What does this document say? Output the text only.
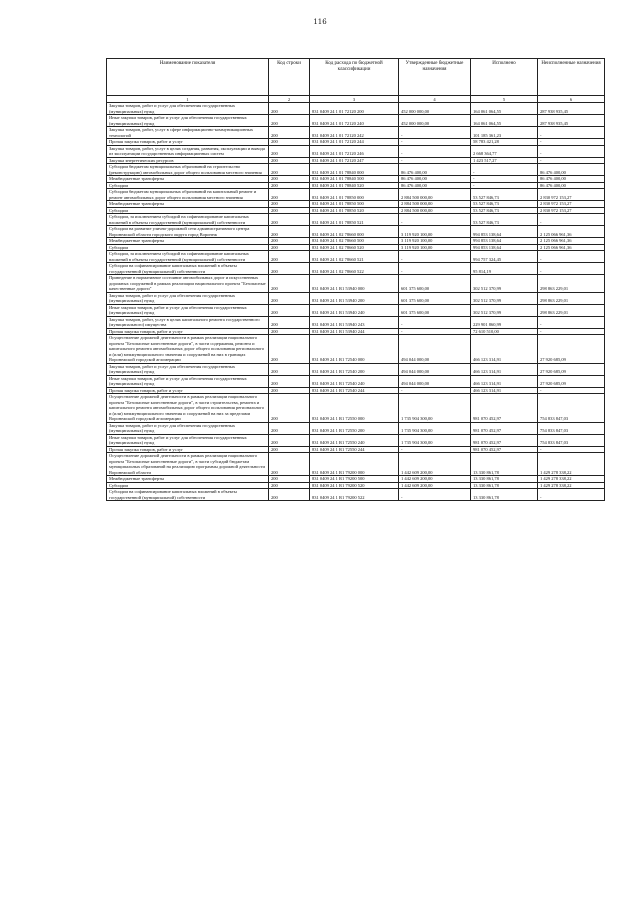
116
Наименование показателя	Код строки	Код расхода по бюджетной классификации	Утвержденные бюджетные назначения	Исполнено	Неисполненные назначения
1	2	3	4	5	6
Закупка товаров, работ и услуг для обеспечения государственных (муниципальных) нужд	200	831 0409 24 1 01 72120 200	452 000 000,00	164 061 064,55	287 938 935,45
Иные закупки товаров, работ и услуг для обеспечения государственных (муниципальных) нужд	200	831 0409 24 1 01 72120 240	452 000 000,00	164 061 064,55	287 938 935,45
Закупка товаров, работ, услуг в сфере информационно-коммуникационных технологий	200	831 0409 24 1 01 72120 242	-	101 185 361,23	-
Прочая закупка товаров, работ и услуг	200	831 0409 24 1 01 72120 244	-	58 783 421,28	-
Закупка товаров, работ, услуг в целях создания, развития, эксплуатации и вывода из эксплуатации государственных информационных систем	200	831 0409 24 1 01 72120 246	-	2 668 364,77	-
Закупка энергетических ресурсов	200	831 0409 24 1 01 72120 247	-	1 423 517,27	-
Субсидии бюджетам муниципальных образований на строительство (реконструкцию) автомобильных дорог общего пользования местного значения	200	831 0409 24 1 01 78840 000	86 476 400,00	-	86 476 400,00
Межбюджетные трансферты	200	831 0409 24 1 01 78840 500	86 476 400,00	-	86 476 400,00
Субсидии	200	831 0409 24 1 01 78840 520	86 476 400,00	-	86 476 400,00
Субсидии бюджетам муниципальных образований на капитальный ремонт и ремонт автомобильных дорог общего пользования местного значения	200	831 0409 24 1 01 78850 000	2 884 500 000,00	53 527 846,73	2 830 972 153,27
Межбюджетные трансферты	200	831 0409 24 1 01 78850 500	2 884 500 000,00	53 527 846,73	2 830 972 153,27
Субсидии	200	831 0409 24 1 01 78850 520	2 884 500 000,00	53 527 846,73	2 830 972 153,27
Субсидии, за исключением субсидий на софинансирование капитальных вложений в объекты государственной (муниципальной) собственности	200	831 0409 24 1 01 78850 521	-	53 527 846,73	-
Субсидии на развитие улично-дорожной сети административного центра Воронежской области городского округа город Воронеж	200	831 0409 24 1 02 78660 000	3 119 920 100,00	994 853 138,64	2 125 066 961,36
Межбюджетные трансферты	200	831 0409 24 1 02 78660 500	3 119 920 100,00	994 853 138,64	2 125 066 961,36
Субсидии	200	831 0409 24 1 02 78660 520	3 119 920 100,00	994 853 138,64	2 125 066 961,36
Субсидии, за исключением субсидий на софинансирование капитальных вложений в объекты государственной (муниципальной) собственности	200	831 0409 24 1 02 78660 521	-	994 757 324,45	-
Субсидии на софинансирование капитальных вложений в объекты государственной (муниципальной) собственности	200	831 0409 24 1 02 78660 522	-	95 814,19	-
Приведение в нормативное состояние автомобильных дорог и искусственных дорожных сооружений в рамках реализации национального проекта "Безопасные качественные дороги"	200	831 0409 24 1 R1 53940 000	601 375 600,00	302 512 370,99	298 863 229,01
Закупка товаров, работ и услуг для обеспечения государственных (муниципальных) нужд	200	831 0409 24 1 R1 53940 200	601 375 600,00	302 512 370,99	298 863 229,01
Иные закупки товаров, работ и услуг для обеспечения государственных (муниципальных) нужд	200	831 0409 24 1 R1 53940 240	601 375 600,00	302 512 370,99	298 863 229,01
Закупка товаров, работ, услуг в целях капитального ремонта государственного (муниципального) имущества	200	831 0409 24 1 R1 53940 243	-	229 901 860,99	-
Прочая закупка товаров, работ и услуг	200	831 0409 24 1 R1 53940 244	-	72 610 510,00	-
Осуществление дорожной деятельности в рамках реализации национального проекта "Безопасные качественные дороги", в части содержания, ремонта и капитального ремонта автомобильных дорог общего пользования регионального и (или) межмуниципального значения и сооружений на них в границах Воронежской городской агломерации	200	831 0409 24 1 R1 72540 000	494 044 000,00	466 123 314,91	27 920 685,09
Закупка товаров, работ и услуг для обеспечения государственных (муниципальных) нужд	200	831 0409 24 1 R1 72540 200	494 044 000,00	466 123 314,91	27 920 685,09
Иные закупки товаров, работ и услуг для обеспечения государственных (муниципальных) нужд	200	831 0409 24 1 R1 72540 240	494 044 000,00	466 123 314,91	27 920 685,09
Прочая закупка товаров, работ и услуг	200	831 0409 24 1 R1 72540 244	-	466 123 314,91	-
Осуществление дорожной деятельности в рамках реализации национального проекта "Безопасные качественные дороги", в части строительства, ремонта и капитального ремонта автомобильных дорог общего пользования регионального и (или) межмуниципального значения и сооружений на них за пределами Воронежской городской агломерации	200	831 0409 24 1 R1 72550 000	1 735 904 300,00	981 070 452,97	754 833 847,03
Закупка товаров, работ и услуг для обеспечения государственных (муниципальных) нужд	200	831 0409 24 1 R1 72550 200	1 735 904 300,00	981 070 452,97	754 833 847,03
Иные закупки товаров, работ и услуг для обеспечения государственных (муниципальных) нужд	200	831 0409 24 1 R1 72550 240	1 735 904 300,00	981 070 452,97	754 833 847,03
Прочая закупка товаров, работ и услуг	200	831 0409 24 1 R1 72550 244	-	981 070 452,97	-
Осуществление дорожной деятельности в рамках реализации национального проекта "Безопасные качественные дороги", в части субсидий бюджетам муниципальных образований на реализацию программы дорожной деятельности Воронежской области	200	831 0409 24 1 R1 79200 000	1 442 609 200,00	13 330 861,78	1 429 278 338,22
Межбюджетные трансферты	200	831 0409 24 1 R1 79200 500	1 442 609 200,00	13 330 861,78	1 429 278 338,22
Субсидии	200	831 0409 24 1 R1 79200 520	1 442 609 200,00	13 330 861,78	1 429 278 338,22
Субсидии на софинансирование капитальных вложений в объекты государственной (муниципальной) собственности	200	831 0409 24 1 R1 79200 522	-	13 330 861,78	-
